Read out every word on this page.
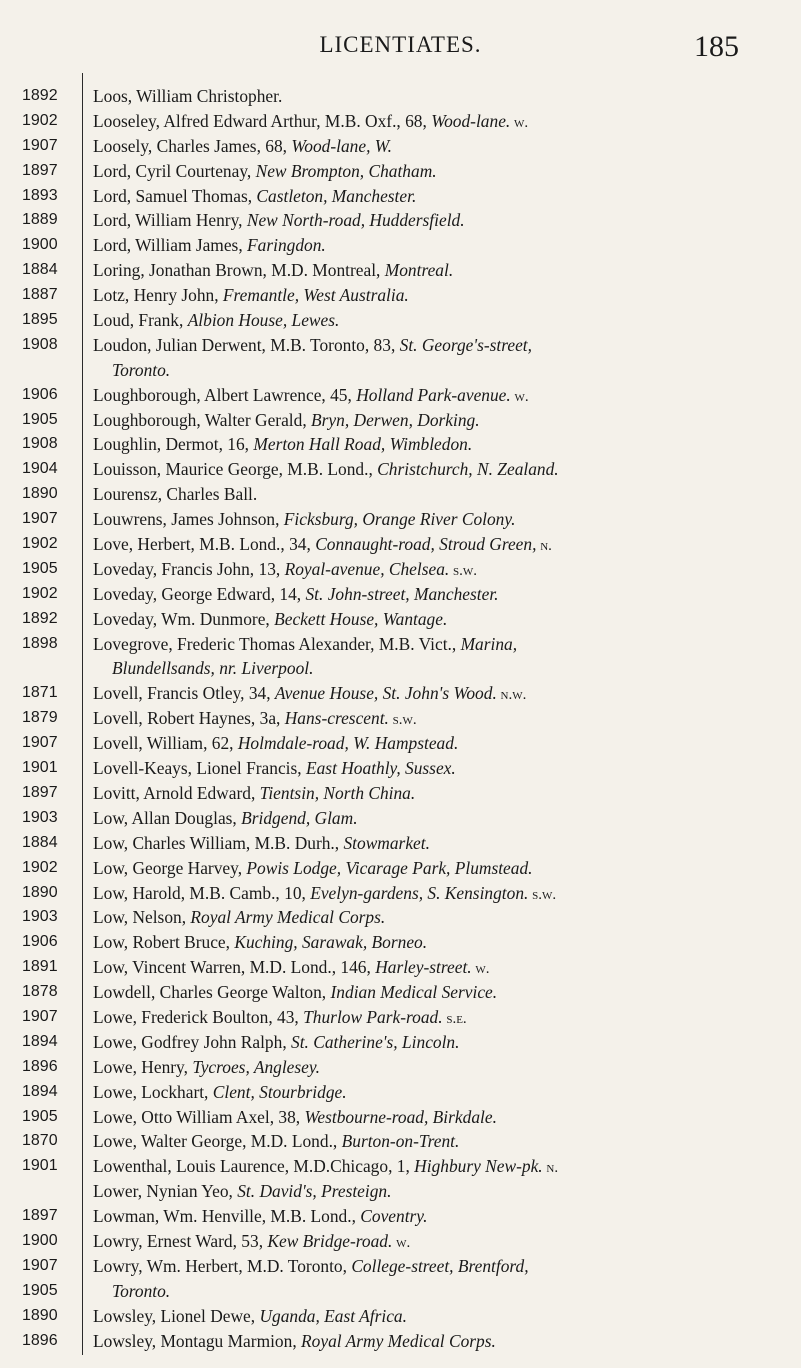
LICENTIATES.	185
1892	Loos, William Christopher.
1902	Looseley, Alfred Edward Arthur, M.B. Oxf., 68, Wood-lane. w.
1907	Loosely, Charles James, 68, Wood-lane, W.
1897	Lord, Cyril Courtenay, New Brompton, Chatham.
1893	Lord, Samuel Thomas, Castleton, Manchester.
1889	Lord, William Henry, New North-road, Huddersfield.
1900	Lord, William James, Faringdon.
1884	Loring, Jonathan Brown, M.D. Montreal, Montreal.
1887	Lotz, Henry John, Fremantle, West Australia.
1895	Loud, Frank, Albion House, Lewes.
1908	Loudon, Julian Derwent, M.B. Toronto, 83, St. George's-street,
Toronto.
1906	Loughborough, Albert Lawrence, 45, Holland Park-avenue. w.
1905	Loughborough, Walter Gerald, Bryn, Derwen, Dorking.
1908	Loughlin, Dermot, 16, Merton Hall Road, Wimbledon.
1904	Louisson, Maurice George, M.B. Lond., Christchurch, N. Zealand.
1890	Lourensz, Charles Ball.
1907	Louwrens, James Johnson, Ficksburg, Orange River Colony.
1902	Love, Herbert, M.B. Lond., 34, Connaught-road, Stroud Green, n.
1905	Loveday, Francis John, 13, Royal-avenue, Chelsea. s.w.
1902	Loveday, George Edward, 14, St. John-street, Manchester.
1892	Loveday, Wm. Dunmore, Beckett House, Wantage.
1898	Lovegrove, Frederic Thomas Alexander, M.B. Vict., Marina,
Blundellsands, nr. Liverpool.
1871	Lovell, Francis Otley, 34, Avenue House, St. John's Wood. n.w.
1879	Lovell, Robert Haynes, 3a, Hans-crescent. s.w.
1907	Lovell, William, 62, Holmdale-road, W. Hampstead.
1901	Lovell-Keays, Lionel Francis, East Hoathly, Sussex.
1897	Lovitt, Arnold Edward, Tientsin, North China.
1903	Low, Allan Douglas, Bridgend, Glam.
1884	Low, Charles William, M.B. Durh., Stowmarket.
1902	Low, George Harvey, Powis Lodge, Vicarage Park, Plumstead.
1890	Low, Harold, M.B. Camb., 10, Evelyn-gardens, S. Kensington. s.w.
1903	Low, Nelson, Royal Army Medical Corps.
1906	Low, Robert Bruce, Kuching, Sarawak, Borneo.
1891	Low, Vincent Warren, M.D. Lond., 146, Harley-street. w.
1878	Lowdell, Charles George Walton, Indian Medical Service.
1907	Lowe, Frederick Boulton, 43, Thurlow Park-road. s.e.
1894	Lowe, Godfrey John Ralph, St. Catherine's, Lincoln.
1896	Lowe, Henry, Tycroes, Anglesey.
1894	Lowe, Lockhart, Clent, Stourbridge.
1905	Lowe, Otto William Axel, 38, Westbourne-road, Birkdale.
1870	Lowe, Walter George, M.D. Lond., Burton-on-Trent.
1901	Lowenthal, Louis Laurence, M.D.Chicago, 1, Highbury New-pk. n.
Lower, Nynian Yeo, St. David's, Presteign.
1897	Lowman, Wm. Henville, M.B. Lond., Coventry.
1900	Lowry, Ernest Ward, 53, Kew Bridge-road. w.
1907	Lowry, Wm. Herbert, M.D. Toronto, College-street, Brentford,
1905	Toronto.
1890	Lowsley, Lionel Dewe, Uganda, East Africa.
1896	Lowsley, Montagu Marmion, Royal Army Medical Corps.
